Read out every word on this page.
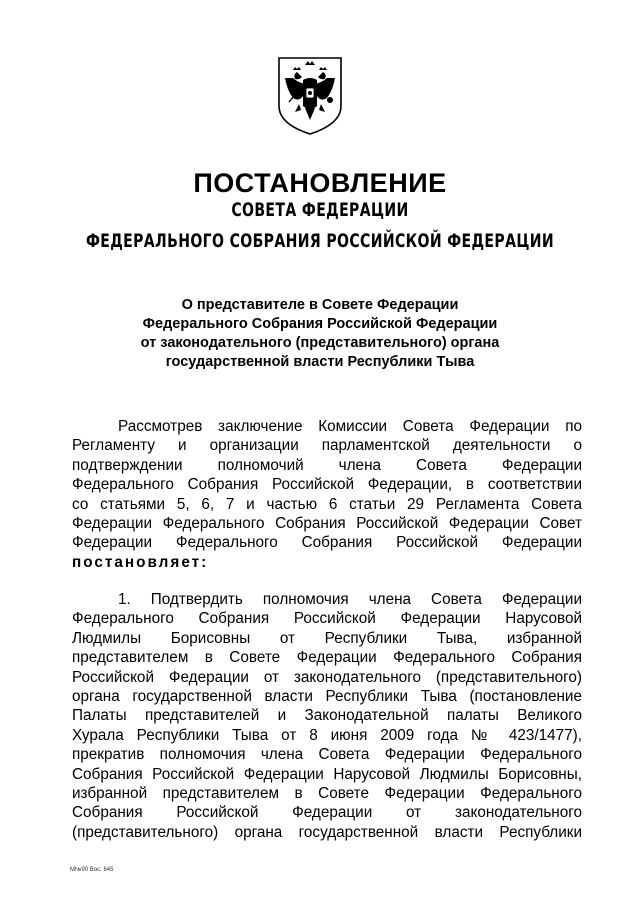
ПОСТАНОВЛЕНИЕ
СОВЕТА ФЕДЕРАЦИИ
ФЕДЕРАЛЬНОГО СОБРАНИЯ РОССИЙСКОЙ ФЕДЕРАЦИИ
О представителе в Совете Федерации
Федерального Собрания Российской Федерации
от законодательного (представительного) органа
государственной власти Республики Тыва
Рассмотрев заключение Комиссии Совета Федерации по
Регламенту и организации парламентской деятельности о
подтверждении полномочий члена Совета Федерации
Федерального Собрания Российской Федерации, в соответствии
со статьями 5, 6, 7 и частью 6 статьи 29 Регламента Совета
Федерации Федерального Собрания Российской Федерации Совет
Федерации Федерального Собрания Российской Федерации
постановляет:
1. Подтвердить полномочия члена Совета Федерации
Федерального Собрания Российской Федерации Нарусовой
Людмилы Борисовны от Республики Тыва, избранной
представителем в Совете Федерации Федерального Собрания
Российской Федерации от законодательного (представительного)
органа государственной власти Республики Тыва (постановление
Палаты представителей и Законодательной палаты Великого
Хурала Республики Тыва от 8 июня 2009 года № 423/1477),
прекратив полномочия члена Совета Федерации Федерального
Собрания Российской Федерации Нарусовой Людмилы Борисовны,
избранной представителем в Совете Федерации Федерального
Собрания Российской Федерации от законодательного
(представительного) органа государственной власти Республики
М№90 Вос. 645
